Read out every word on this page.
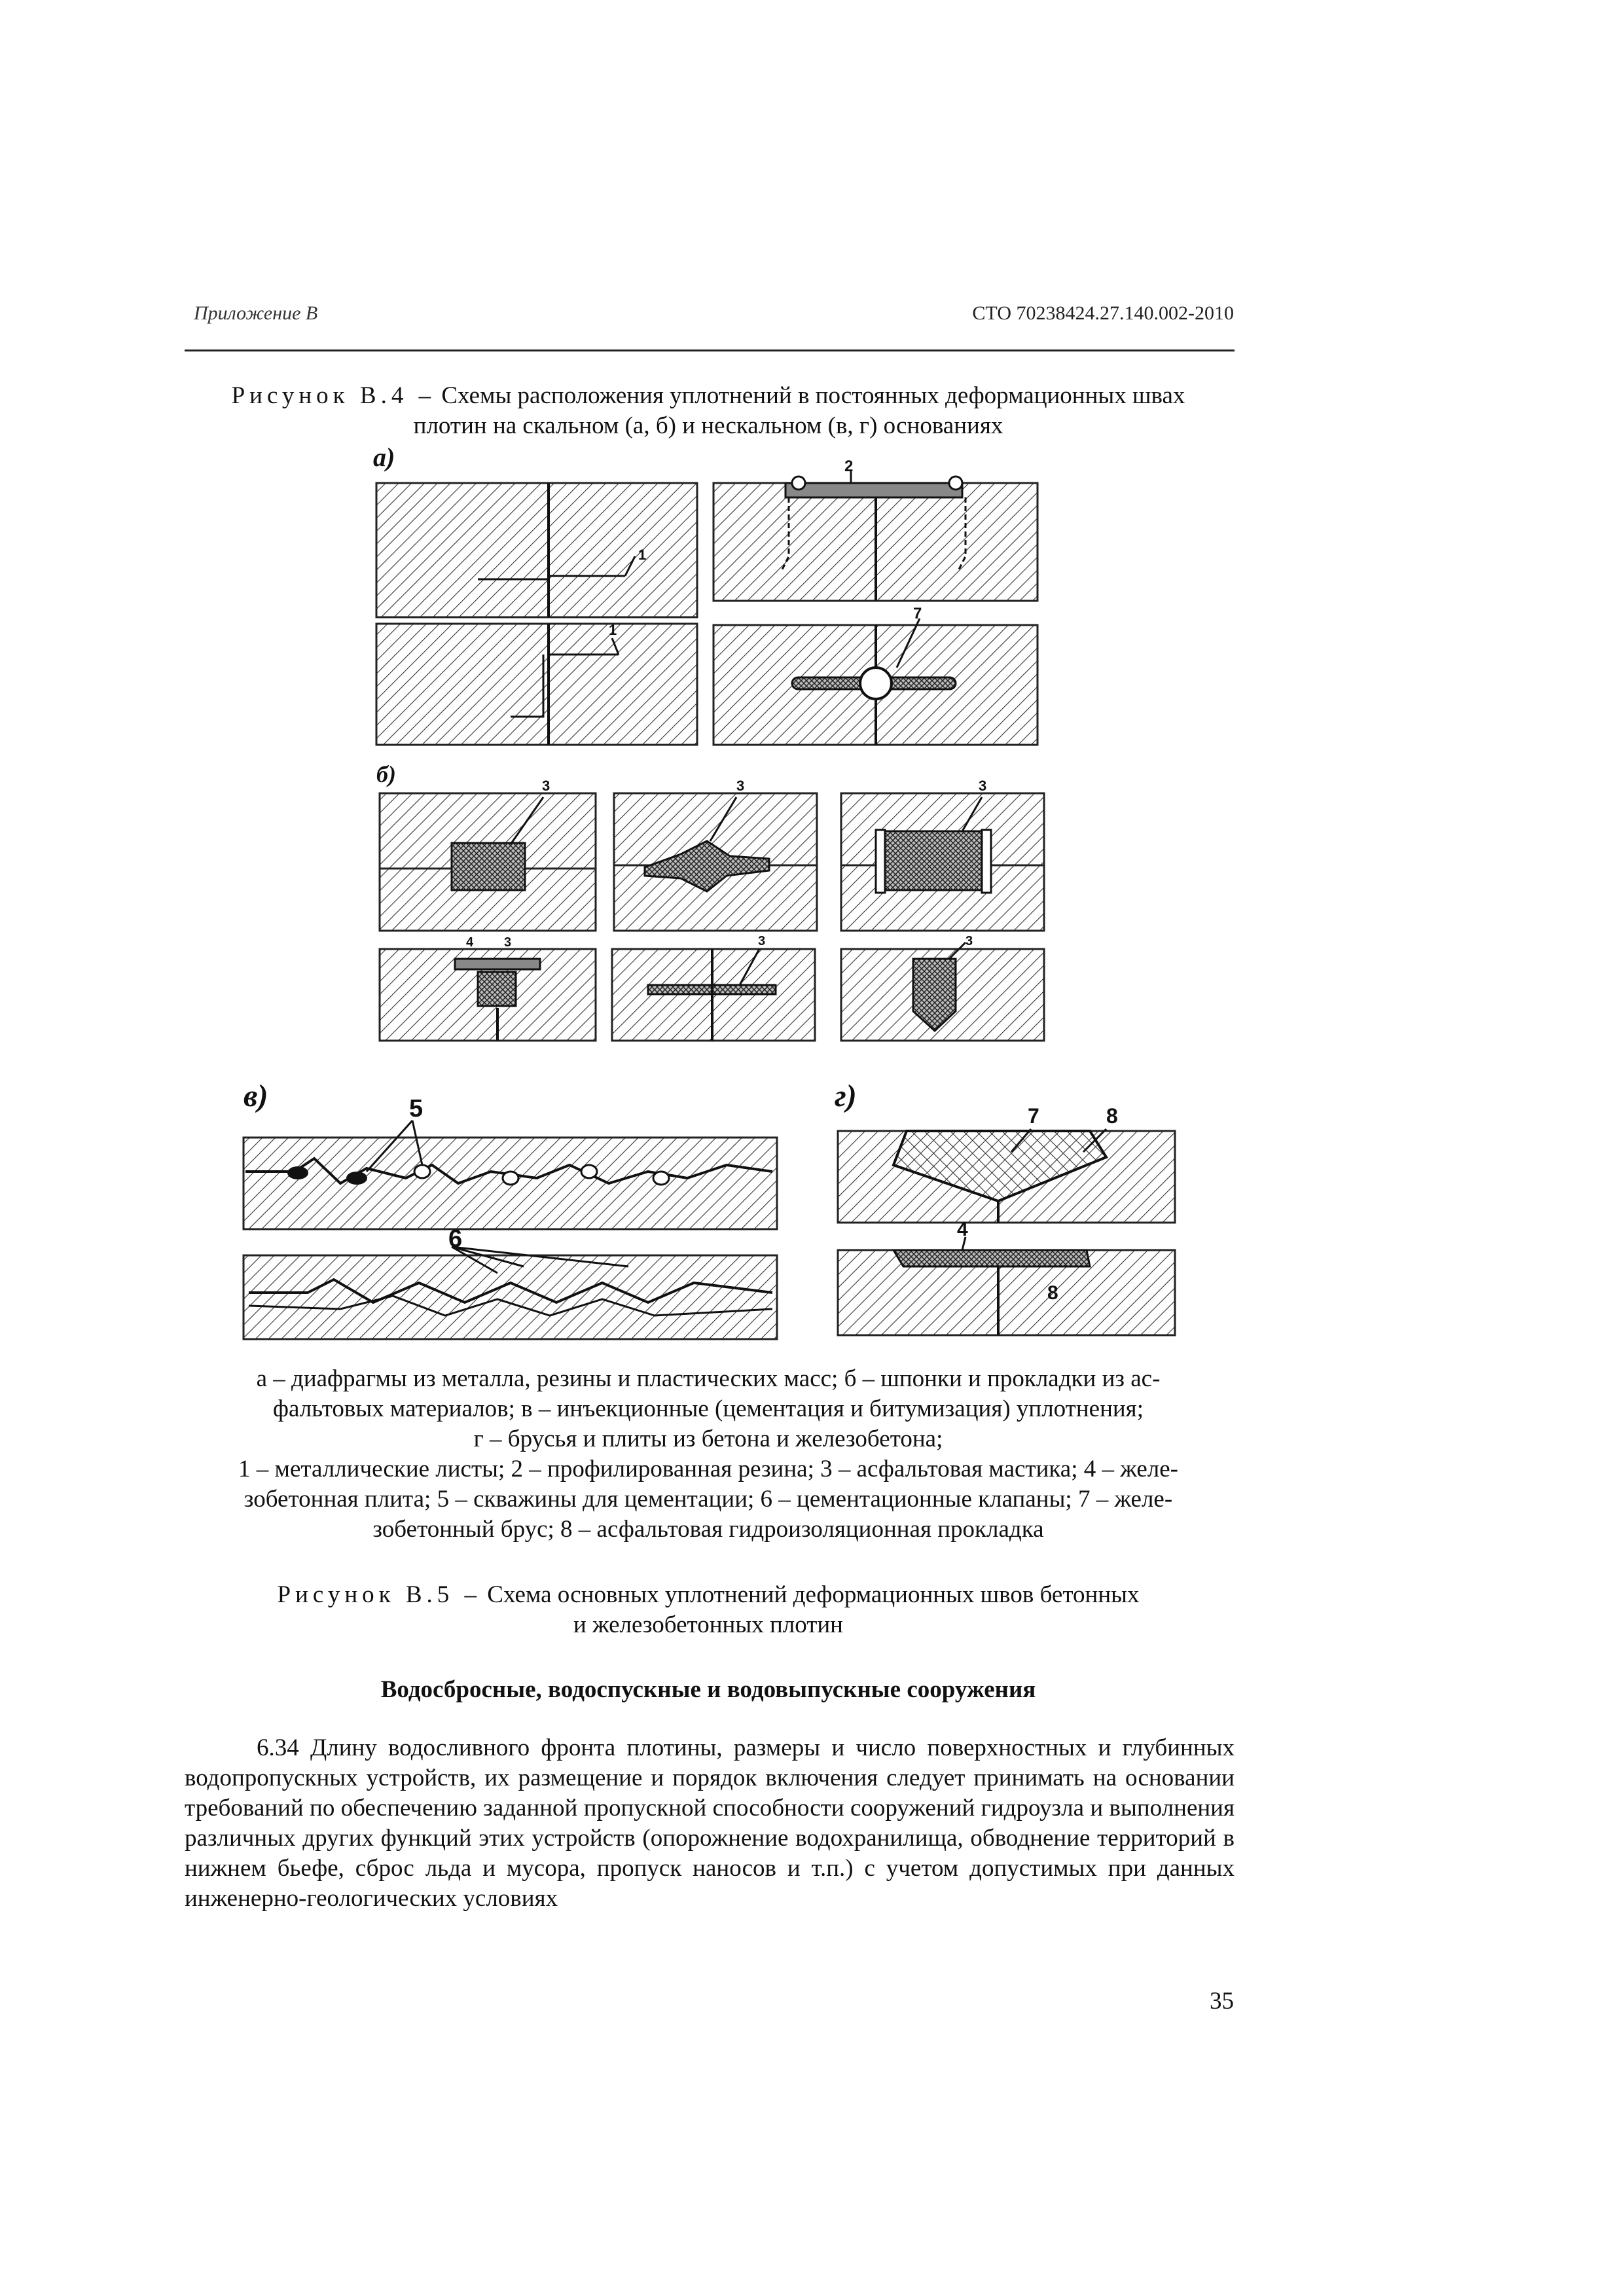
Приложение В	СТО 70238424.27.140.002-2010
Рисунок В.4 – Схемы расположения уплотнений в постоянных деформационных швах
плотин на скальном (а, б) и нескальном (в, г) основаниях
а)
1
1
2
7
б)	3	3	3
4 3	3	3
в)	5
6
г)
7	8
4
8

а – диафрагмы из металла, резины и пластических масс; б – шпонки и прокладки из ас-

фальтовых материалов; в – инъекционные (цементация и битумизация) уплотнения;

г – брусья и плиты из бетона и железобетона;

1 – металлические листы; 2 – профилированная резина; 3 – асфальтовая мастика; 4 – желе-

зобетонная плита; 5 – скважины для цементации; 6 – цементационные клапаны; 7 – желе-

зобетонный брус; 8 – асфальтовая гидроизоляционная прокладка

Рисунок В.5 – Схема основных уплотнений деформационных швов бетонных

и железобетонных плотин

Водосбросные, водоспускные и водовыпускные сооружения

6.34 Длину водосливного фронта плотины, размеры и число поверхностных и глубинных водопропускных устройств, их размещение и порядок включения следует принимать на основании требований по обеспечению заданной пропускной способности сооружений гидроузла и выполнения различных других функций этих устройств (опорожнение водохранилища, обводнение территорий в нижнем бьефе, сброс льда и мусора, пропуск наносов и т.п.) с учетом допустимых при данных инженерно-геологических условиях

35
